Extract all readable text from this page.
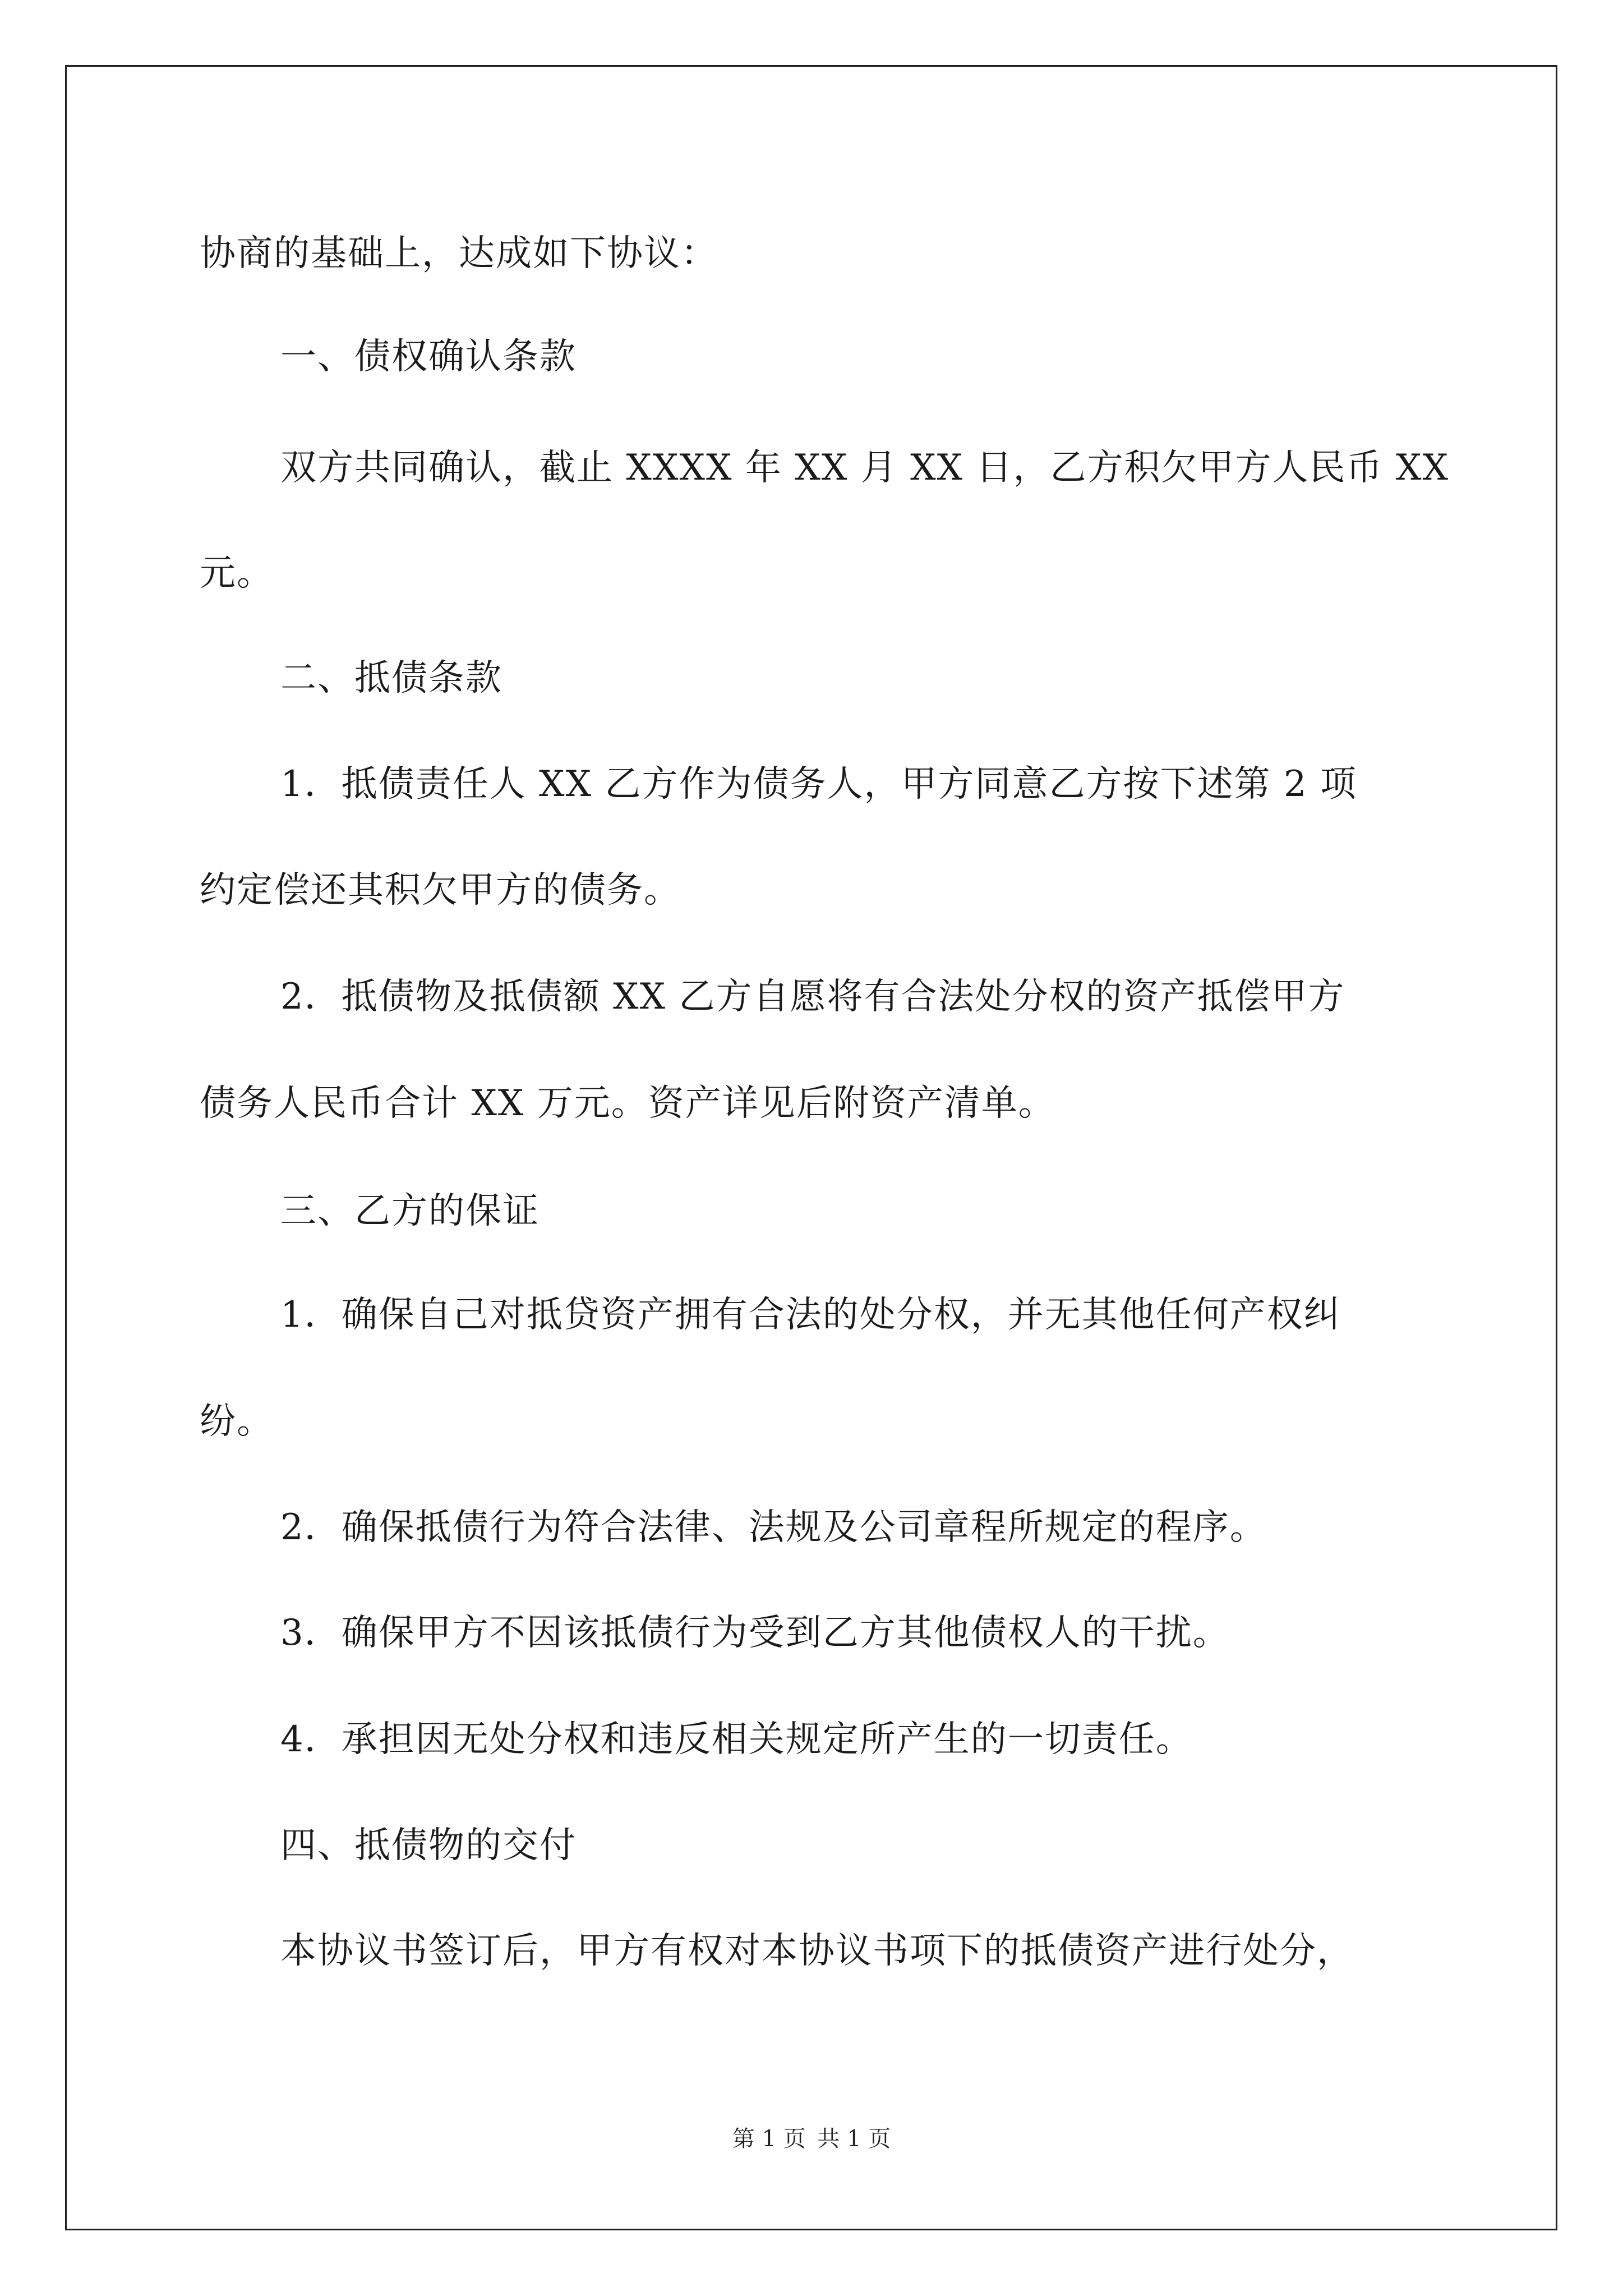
协商的基础上，达成如下协议：
一、债权确认条款
双方共同确认，截止 XXXX 年 XX 月 XX 日，乙方积欠甲方人民币 XX
元。
二、抵债条款
1．抵债责任人 XX 乙方作为债务人，甲方同意乙方按下述第 2 项
约定偿还其积欠甲方的债务。
2．抵债物及抵债额 XX 乙方自愿将有合法处分权的资产抵偿甲方
债务人民币合计 XX 万元。资产详见后附资产清单。
三、乙方的保证
1．确保自己对抵贷资产拥有合法的处分权，并无其他任何产权纠
纷。
2．确保抵债行为符合法律、法规及公司章程所规定的程序。
3．确保甲方不因该抵债行为受到乙方其他债权人的干扰。
4．承担因无处分权和违反相关规定所产生的一切责任。
四、抵债物的交付
本协议书签订后，甲方有权对本协议书项下的抵债资产进行处分，
第 1 页 共 1 页
